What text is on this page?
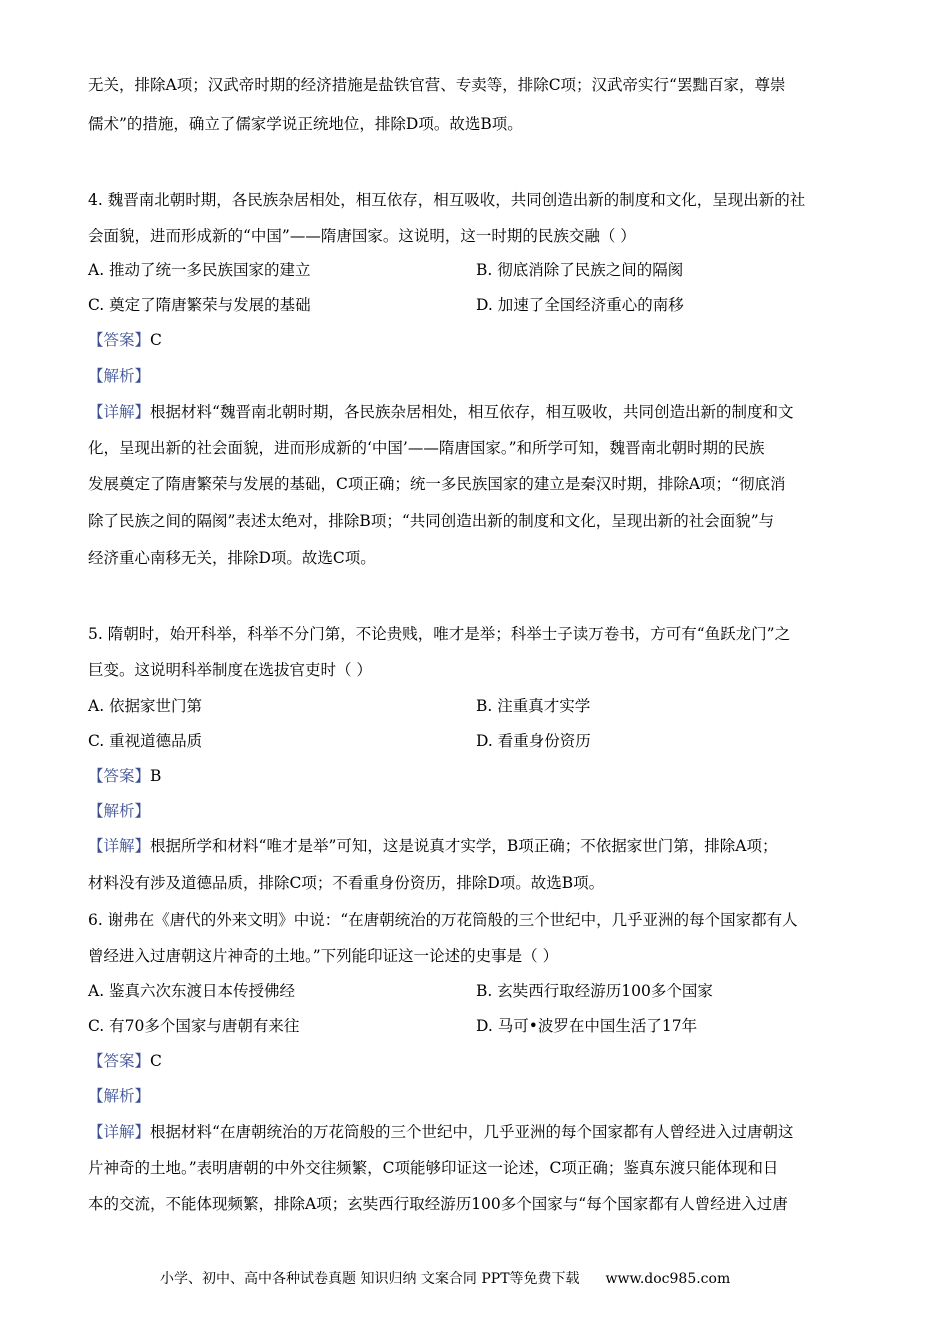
无关，排除A项；汉武帝时期的经济措施是盐铁官营、专卖等，排除C项；汉武帝实行“罢黜百家，尊崇
儒术”的措施，确立了儒家学说正统地位，排除D项。故选B项。
4. 魏晋南北朝时期，各民族杂居相处，相互依存，相互吸收，共同创造出新的制度和文化，呈现出新的社
会面貌，进而形成新的“中国”——隋唐国家。这说明，这一时期的民族交融（ ）
A. 推动了统一多民族国家的建立	B. 彻底消除了民族之间的隔阂
C. 奠定了隋唐繁荣与发展的基础	D. 加速了全国经济重心的南移
【答案】C
【解析】
【详解】根据材料“魏晋南北朝时期，各民族杂居相处，相互依存，相互吸收，共同创造出新的制度和文
化，呈现出新的社会面貌，进而形成新的‘中国’——隋唐国家。”和所学可知，魏晋南北朝时期的民族
发展奠定了隋唐繁荣与发展的基础，C项正确；统一多民族国家的建立是秦汉时期，排除A项；“彻底消
除了民族之间的隔阂”表述太绝对，排除B项；“共同创造出新的制度和文化，呈现出新的社会面貌”与
经济重心南移无关，排除D项。故选C项。
5. 隋朝时，始开科举，科举不分门第，不论贵贱，唯才是举；科举士子读万卷书，方可有“鱼跃龙门”之
巨变。这说明科举制度在选拔官吏时（ ）
A. 依据家世门第	B. 注重真才实学
C. 重视道德品质	D. 看重身份资历
【答案】B
【解析】
【详解】根据所学和材料“唯才是举”可知，这是说真才实学，B项正确；不依据家世门第，排除A项；
材料没有涉及道德品质，排除C项；不看重身份资历，排除D项。故选B项。
6. 谢弗在《唐代的外来文明》中说：“在唐朝统治的万花筒般的三个世纪中，几乎亚洲的每个国家都有人
曾经进入过唐朝这片神奇的土地。”下列能印证这一论述的史事是（ ）
A. 鉴真六次东渡日本传授佛经	B. 玄奘西行取经游历100多个国家
C. 有70多个国家与唐朝有来往	D. 马可•波罗在中国生活了17年
【答案】C
【解析】
【详解】根据材料“在唐朝统治的万花筒般的三个世纪中，几乎亚洲的每个国家都有人曾经进入过唐朝这
片神奇的土地。”表明唐朝的中外交往频繁，C项能够印证这一论述，C项正确；鉴真东渡只能体现和日
本的交流，不能体现频繁，排除A项；玄奘西行取经游历100多个国家与“每个国家都有人曾经进入过唐
小学、初中、高中各种试卷真题 知识归纳 文案合同 PPT等免费下载 www.doc985.com
